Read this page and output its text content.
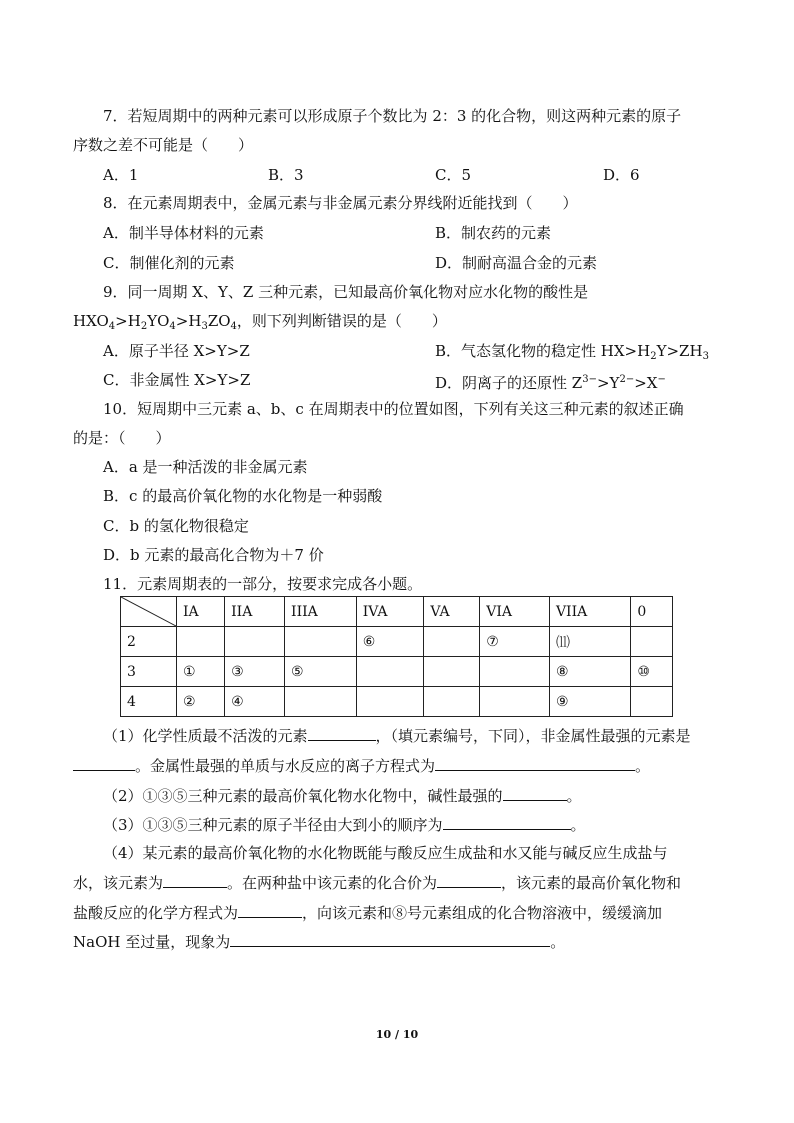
7．若短周期中的两种元素可以形成原子个数比为 2：3 的化合物，则这两种元素的原子
序数之差不可能是（　　）
A．1	B．3	C．5	D．6
8．在元素周期表中，金属元素与非金属元素分界线附近能找到（　　）
A．制半导体材料的元素	B．制农药的元素
C．制催化剂的元素	D．制耐高温合金的元素
9．同一周期 X、Y、Z 三种元素，已知最高价氧化物对应水化物的酸性是
$HXO_4>H_2YO_4>H_3ZO_4$，则下列判断错误的是（　　）
A．原子半径 X>Y>Z	B．气态氢化物的稳定性 $HX>H_2Y>ZH_3$
C．非金属性 X>Y>Z	D．阴离子的还原性 $Z^{3-}>Y^{2-}>X^-$
10．短周期中三元素 a、b、c 在周期表中的位置如图，下列有关这三种元素的叙述正确
的是：（　　）
A．a 是一种活泼的非金属元素
B．c 的最高价氧化物的水化物是一种弱酸
C．b 的氢化物很稳定
D．b 元素的最高化合物为＋7 价
11．元素周期表的一部分，按要求完成各小题。
	IA	IIA	IIIA	IVA	VA	VIA	VIIA	0
2				⑥		⑦	⑾	
3	①	③	⑤				⑧	⑩
4	②	④					⑨	
（1）化学性质最不活泼的元素	，（填元素编号，下同），非金属性最强的元素是
。金属性最强的单质与水反应的离子方程式为	。
（2）①③⑤三种元素的最高价氧化物水化物中，碱性最强的	。
（3）①③⑤三种元素的原子半径由大到小的顺序为	。
（4）某元素的最高价氧化物的水化物既能与酸反应生成盐和水又能与碱反应生成盐与
水，该元素为	。在两种盐中该元素的化合价为	，该元素的最高价氧化物和
盐酸反应的化学方程式为	，向该元素和⑧号元素组成的化合物溶液中，缓缓滴加
NaOH 至过量，现象为	。
10 / 10
